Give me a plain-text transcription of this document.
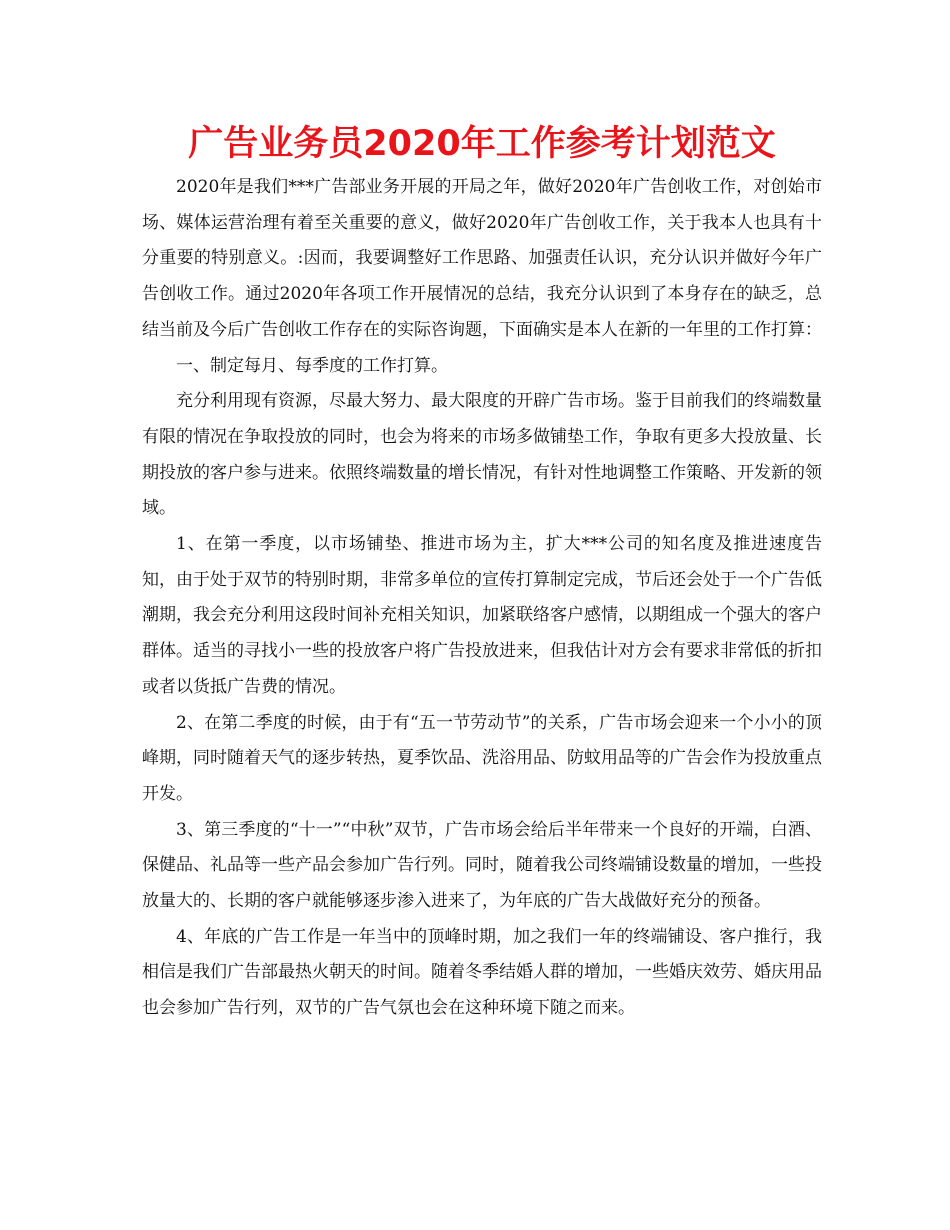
广告业务员2020年工作参考计划范文

2020年是我们***广告部业务开展的开局之年，做好2020年广告创收工作，对创始市场、媒体运营治理有着至关重要的意义，做好2020年广告创收工作，关于我本人也具有十分重要的特别意义。:因而，我要调整好工作思路、加强责任认识，充分认识并做好今年广告创收工作。通过2020年各项工作开展情况的总结，我充分认识到了本身存在的缺乏，总结当前及今后广告创收工作存在的实际咨询题，下面确实是本人在新的一年里的工作打算：

一、制定每月、每季度的工作打算。

充分利用现有资源，尽最大努力、最大限度的开辟广告市场。鉴于目前我们的终端数量有限的情况在争取投放的同时，也会为将来的市场多做铺垫工作，争取有更多大投放量、长期投放的客户参与进来。依照终端数量的增长情况，有针对性地调整工作策略、开发新的领域。

1、在第一季度，以市场铺垫、推进市场为主，扩大***公司的知名度及推进速度告知，由于处于双节的特别时期，非常多单位的宣传打算制定完成，节后还会处于一个广告低潮期，我会充分利用这段时间补充相关知识，加紧联络客户感情，以期组成一个强大的客户群体。适当的寻找小一些的投放客户将广告投放进来，但我估计对方会有要求非常低的折扣或者以货抵广告费的情况。

2、在第二季度的时候，由于有“五一节劳动节”的关系，广告市场会迎来一个小小的顶峰期，同时随着天气的逐步转热，夏季饮品、洗浴用品、防蚊用品等的广告会作为投放重点开发。

3、第三季度的“十一”“中秋”双节，广告市场会给后半年带来一个良好的开端，白酒、保健品、礼品等一些产品会参加广告行列。同时，随着我公司终端铺设数量的增加，一些投放量大的、长期的客户就能够逐步渗入进来了，为年底的广告大战做好充分的预备。

4、年底的广告工作是一年当中的顶峰时期，加之我们一年的终端铺设、客户推行，我相信是我们广告部最热火朝天的时间。随着冬季结婚人群的增加，一些婚庆效劳、婚庆用品也会参加广告行列，双节的广告气氛也会在这种环境下随之而来。
